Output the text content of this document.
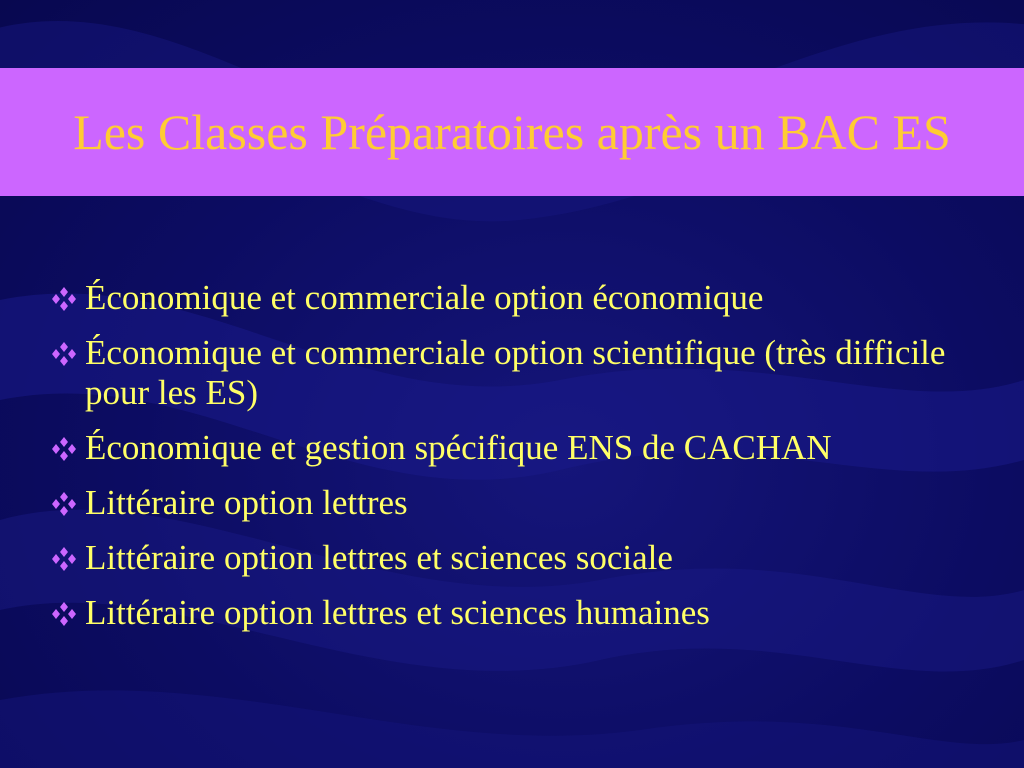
Les Classes Préparatoires après un BAC ES
Économique et commerciale option économique
Économique et commerciale option scientifique (très difficile pour les ES)
Économique et gestion spécifique ENS de CACHAN
Littéraire option lettres
Littéraire option lettres et sciences sociale
Littéraire option lettres et sciences humaines
